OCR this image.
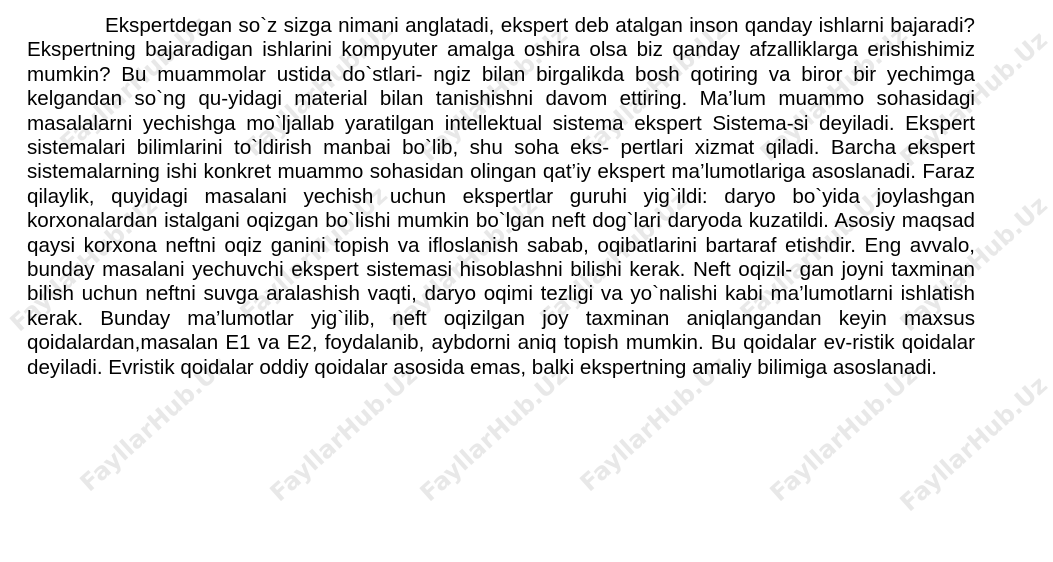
FayllarHub.Uz FayllarHub.Uz FayllarHub.Uz FayllarHub.Uz FayllarHub.Uz
FayllarHub.Uz
FayllarHub.Uz	FayllarHub.Uz
FayllarHub.Uz
FayllarHub.Uz FayllarHub.Uz FayllarHub.Uz
FayllarHub.Uz FayllarHub.Uz
FayllarHub.Uz FayllarHub.Uz FayllarHub.Uz
FayllarHub.Uz

Ekspertdegan so`z sizga nimani anglatadi, ekspert deb atalgan inson qanday ishlarni bajaradi? Ekspertning bajaradigan ishlarini kompyuter amalga oshira olsa biz qanday afzalliklarga erishishimiz mumkin? Bu muammolar ustida do`stlari- ngiz bilan birgalikda bosh qotiring va biror bir yechimga kelgandan so`ng qu-yidagi material bilan tanishishni davom ettiring. Ma’lum muammo sohasidagi masalalarni yechishga mo`ljallab yaratilgan intellektual sistema ekspert Sistema-si deyiladi. Ekspert sistemalari bilimlarini to`ldirish manbai bo`lib, shu soha eks- pertlari xizmat qiladi. Barcha ekspert sistemalarning ishi konkret muammo sohasidan olingan qat’iy ekspert ma’lumotlariga asoslanadi. Faraz qilaylik, quyidagi masalani yechish uchun ekspertlar guruhi yig`ildi: daryo bo`yida joylashgan korxonalardan istalgani oqizgan bo`lishi mumkin bo`lgan neft dog`lari daryoda kuzatildi. Asosiy maqsad qaysi korxona neftni oqiz ganini topish va ifloslanish sabab, oqibatlarini bartaraf etishdir. Eng avvalo, bunday masalani yechuvchi ekspert sistemasi hisoblashni bilishi kerak. Neft oqizil- gan joyni taxminan bilish uchun neftni suvga aralashish vaqti, daryo oqimi tezligi va yo`nalishi kabi ma’lumotlarni ishlatish kerak. Bunday ma’lumotlar yig`ilib, neft oqizilgan joy taxminan aniqlangandan keyin maxsus qoidalardan,masalan E1 va E2, foydalanib, aybdorni aniq topish mumkin. Bu qoidalar ev-ristik qoidalar deyiladi. Evristik qoidalar oddiy qoidalar asosida emas, balki ekspertning amaliy bilimiga asoslanadi.
